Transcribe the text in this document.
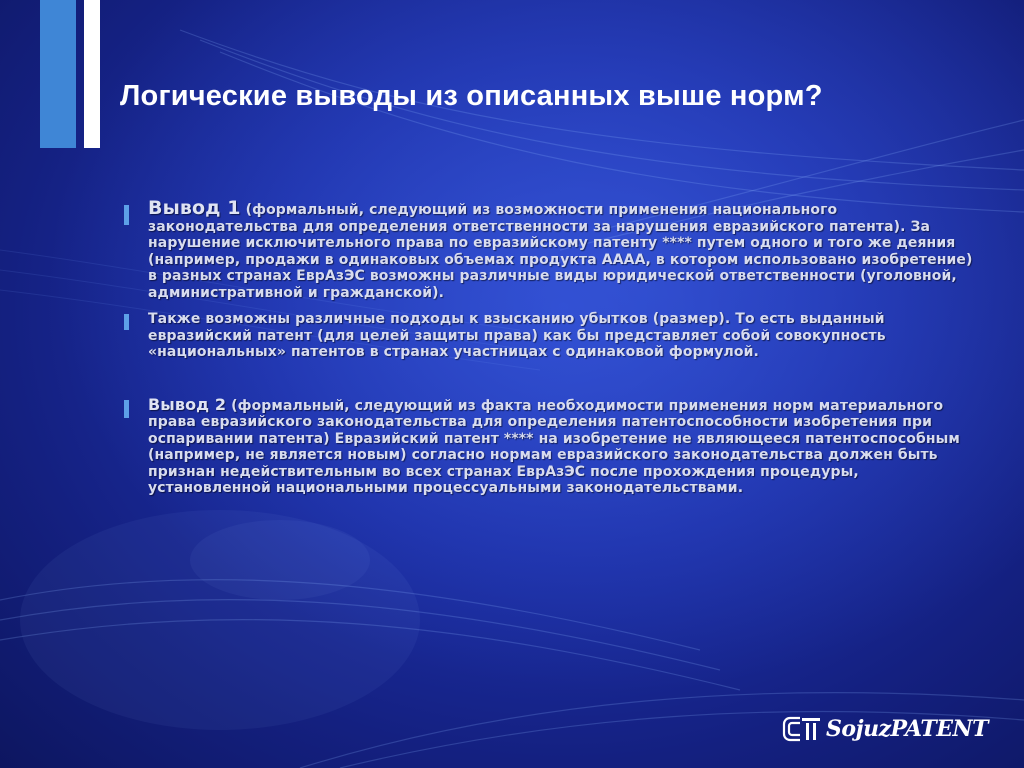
Логические выводы из описанных выше норм?

Вывод 1 (формальный, следующий из возможности применения национального законодательства для определения ответственности за нарушения евразийского патента). За нарушение исключительного права по евразийскому патенту **** путем одного и того же деяния (например, продажи в одинаковых объемах продукта АААА, в котором использовано изобретение) в разных странах ЕврАзЭС возможны различные виды юридической ответственности (уголовной, административной и гражданской).

Также возможны различные подходы к взысканию убытков (размер). То есть выданный евразийский патент (для целей защиты права) как бы представляет собой совокупность «национальных» патентов в странах участницах с одинаковой формулой.

Вывод 2 (формальный, следующий из факта необходимости применения норм материального права евразийского законодательства для определения патентоспособности изобретения при оспаривании патента) Евразийский патент **** на изобретение не являющееся патентоспособным (например, не является новым) согласно нормам евразийского законодательства должен быть признан недействительным во всех странах ЕврАзЭС после прохождения процедуры, установленной национальными процессуальными законодательствами.

SojuzPATENT
